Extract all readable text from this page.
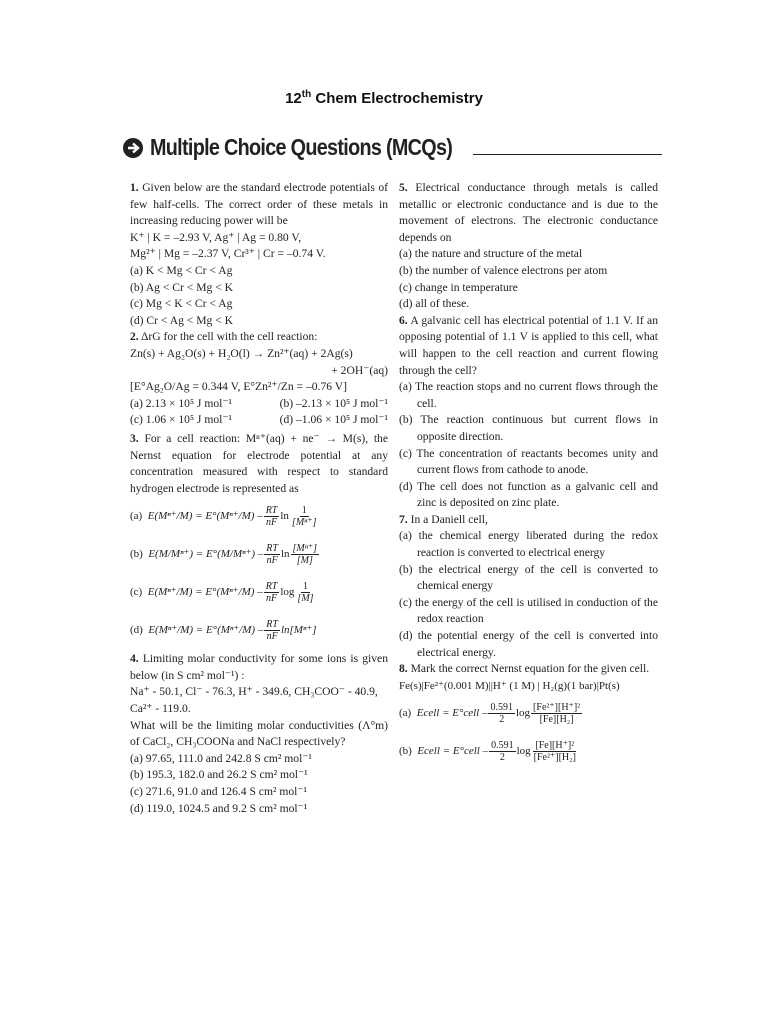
12th Chem Electrochemistry
Multiple Choice Questions (MCQs)
1. Given below are the standard electrode potentials of few half-cells. The correct order of these metals in increasing reducing power will be
K⁺ | K = –2.93 V, Ag⁺ | Ag = 0.80 V,
Mg²⁺ | Mg = –2.37 V, Cr³⁺ | Cr = –0.74 V.
(a) K < Mg < Cr < Ag
(b) Ag < Cr < Mg < K
(c) Mg < K < Cr < Ag
(d) Cr < Ag < Mg < K
2. ΔrG for the cell with the cell reaction:
Zn(s) + Ag₂O(s) + H₂O(l) → Zn²⁺(aq) + 2Ag(s)
+ 2OH⁻(aq)
[E°Ag₂O/Ag = 0.344 V, E°Zn²⁺/Zn = –0.76 V]
(a) 2.13 × 10⁵ J mol⁻¹	(b) –2.13 × 10⁵ J mol⁻¹
(c) 1.06 × 10⁵ J mol⁻¹	(d) –1.06 × 10⁵ J mol⁻¹
3. For a cell reaction: Mⁿ⁺(aq) + ne⁻ → M(s), the Nernst equation for electrode potential at any concentration measured with respect to standard hydrogen electrode is represented as
(a) $E(M^{n+}/M) = E^\circ(M^{n+}/M) - \frac{RT}{nF}$ $\ln \frac{1}{\text{[Mⁿ⁺]}}$
(b) $E(M/M^{n+}) = E^\circ(M/M^{n+}) - \frac{RT}{nF}$ $\ln \frac{\text{[Mⁿ⁺]}}{[M]}$
(c) $E(M^{n+}/M) = E^\circ(M^{n+}/M) - \frac{RT}{nF}$ $\log \frac{1}{[M]}$
(d) $E(M^{n+}/M) = E^\circ(M^{n+}/M) - \frac{RT}{nF} \ln[M^{n+}]$
4. Limiting molar conductivity for some ions is given below (in S cm² mol⁻¹) :
Na⁺ - 50.1, Cl⁻ - 76.3, H⁺ - 349.6, CH₃COO⁻ - 40.9,
Ca²⁺ - 119.0.
What will be the limiting molar conductivities (Λ°m) of CaCl₂, CH₃COONa and NaCl respectively?
(a) 97.65, 111.0 and 242.8 S cm² mol⁻¹
(b) 195.3, 182.0 and 26.2 S cm² mol⁻¹
(c) 271.6, 91.0 and 126.4 S cm² mol⁻¹
(d) 119.0, 1024.5 and 9.2 S cm² mol⁻¹
5. Electrical conductance through metals is called metallic or electronic conductance and is due to the movement of electrons. The electronic conductance depends on
(a) the nature and structure of the metal
(b) the number of valence electrons per atom
(c) change in temperature
(d) all of these.
6. A galvanic cell has electrical potential of 1.1 V. If an opposing potential of 1.1 V is applied to this cell, what will happen to the cell reaction and current flowing through the cell?
(a) The reaction stops and no current flows through the cell.
(b) The reaction continuous but current flows in opposite direction.
(c) The concentration of reactants becomes unity and current flows from cathode to anode.
(d) The cell does not function as a galvanic cell and zinc is deposited on zinc plate.
7. In a Daniell cell,
(a) the chemical energy liberated during the redox reaction is converted to electrical energy
(b) the electrical energy of the cell is converted to chemical energy
(c) the energy of the cell is utilised in conduction of the redox reaction
(d) the potential energy of the cell is converted into electrical energy.
8. Mark the correct Nernst equation for the given cell.
Fe(s)|Fe²⁺(0.001 M)||H⁺ (1 M) | H₂(g)(1 bar)|Pt(s)
(a) Ecell = E°cell – $\frac{0.591}{2}$ $\log \frac{\text{[Fe²⁺][H⁺]²}}{\text{[Fe][H₂]}}$
(b) Ecell = E°cell – $\frac{0.591}{2}$ $\log \frac{\text{[Fe][H⁺]²}}{\text{[Fe²⁺][H₂]}}$
